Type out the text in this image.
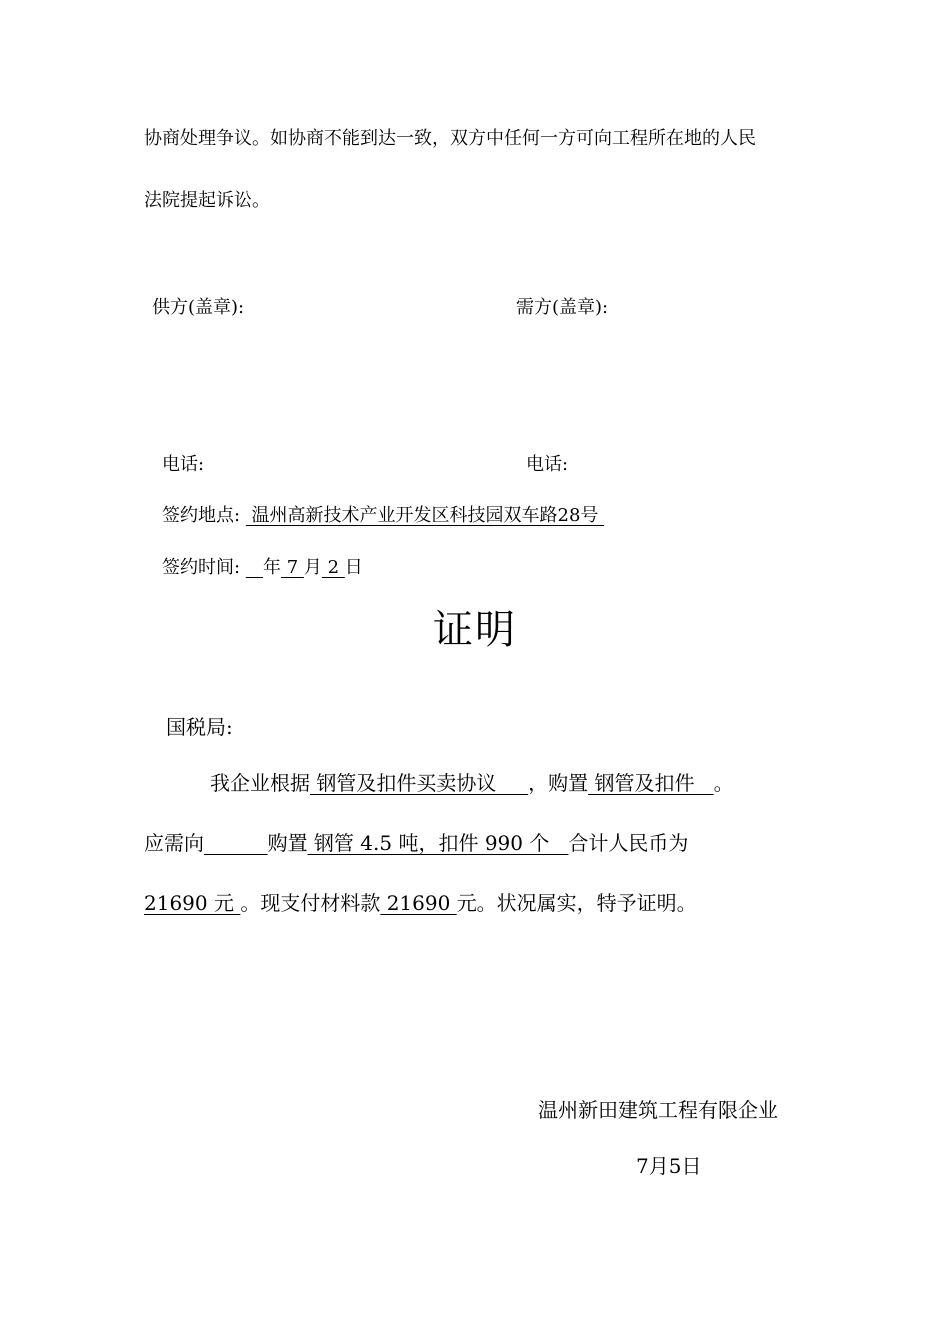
协商处理争议。如协商不能到达一致，双方中任何一方可向工程所在地的人民
法院提起诉讼。
供方(盖章):	需方(盖章):
电话:	电话:
签约地点:  温州高新技术产业开发区科技园双车路28号
签约时间:    年 7 月 2 日
证明
国税局:
我企业根据 钢管及扣件买卖协议     ，购置 钢管及扣件   。
应需向	购置 钢管 4.5 吨，扣件 990 个   合计人民币为
21690 元 。现支付材料款 21690 元。状况属实，特予证明。
温州新田建筑工程有限企业
7月5日
